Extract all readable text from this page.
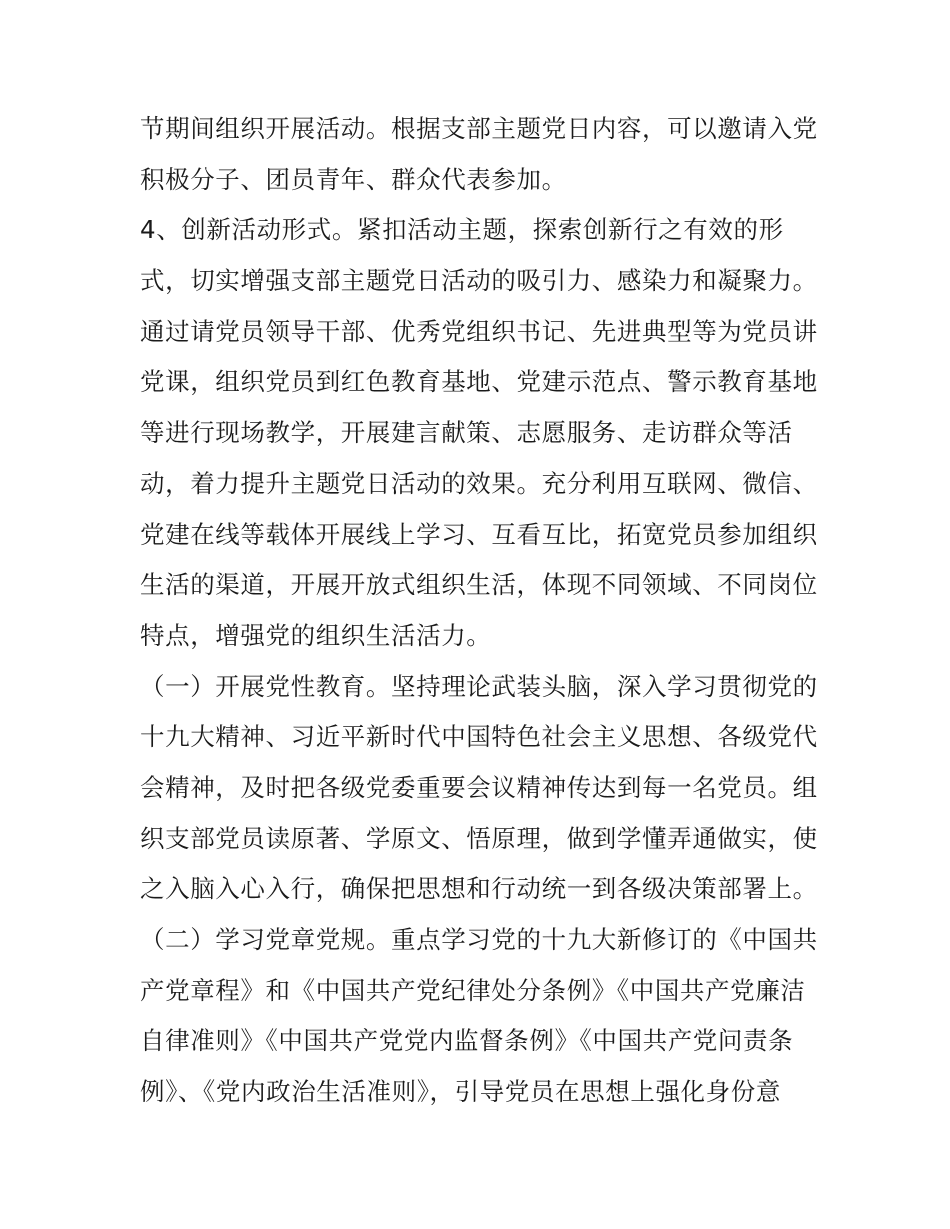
节期间组织开展活动。根据支部主题党日内容，可以邀请入党
积极分子、团员青年、群众代表参加。
4、创新活动形式。紧扣活动主题，探索创新行之有效的形
式，切实增强支部主题党日活动的吸引力、感染力和凝聚力。
通过请党员领导干部、优秀党组织书记、先进典型等为党员讲
党课，组织党员到红色教育基地、党建示范点、警示教育基地
等进行现场教学，开展建言献策、志愿服务、走访群众等活
动，着力提升主题党日活动的效果。充分利用互联网、微信、
党建在线等载体开展线上学习、互看互比，拓宽党员参加组织
生活的渠道，开展开放式组织生活，体现不同领域、不同岗位
特点，增强党的组织生活活力。
（一）开展党性教育。坚持理论武装头脑，深入学习贯彻党的
十九大精神、习近平新时代中国特色社会主义思想、各级党代
会精神，及时把各级党委重要会议精神传达到每一名党员。组
织支部党员读原著、学原文、悟原理，做到学懂弄通做实，使
之入脑入心入行，确保把思想和行动统一到各级决策部署上。
（二）学习党章党规。重点学习党的十九大新修订的《中国共
产党章程》和《中国共产党纪律处分条例》《中国共产党廉洁
自律准则》《中国共产党党内监督条例》《中国共产党问责条
例》、《党内政治生活准则》，引导党员在思想上强化身份意
